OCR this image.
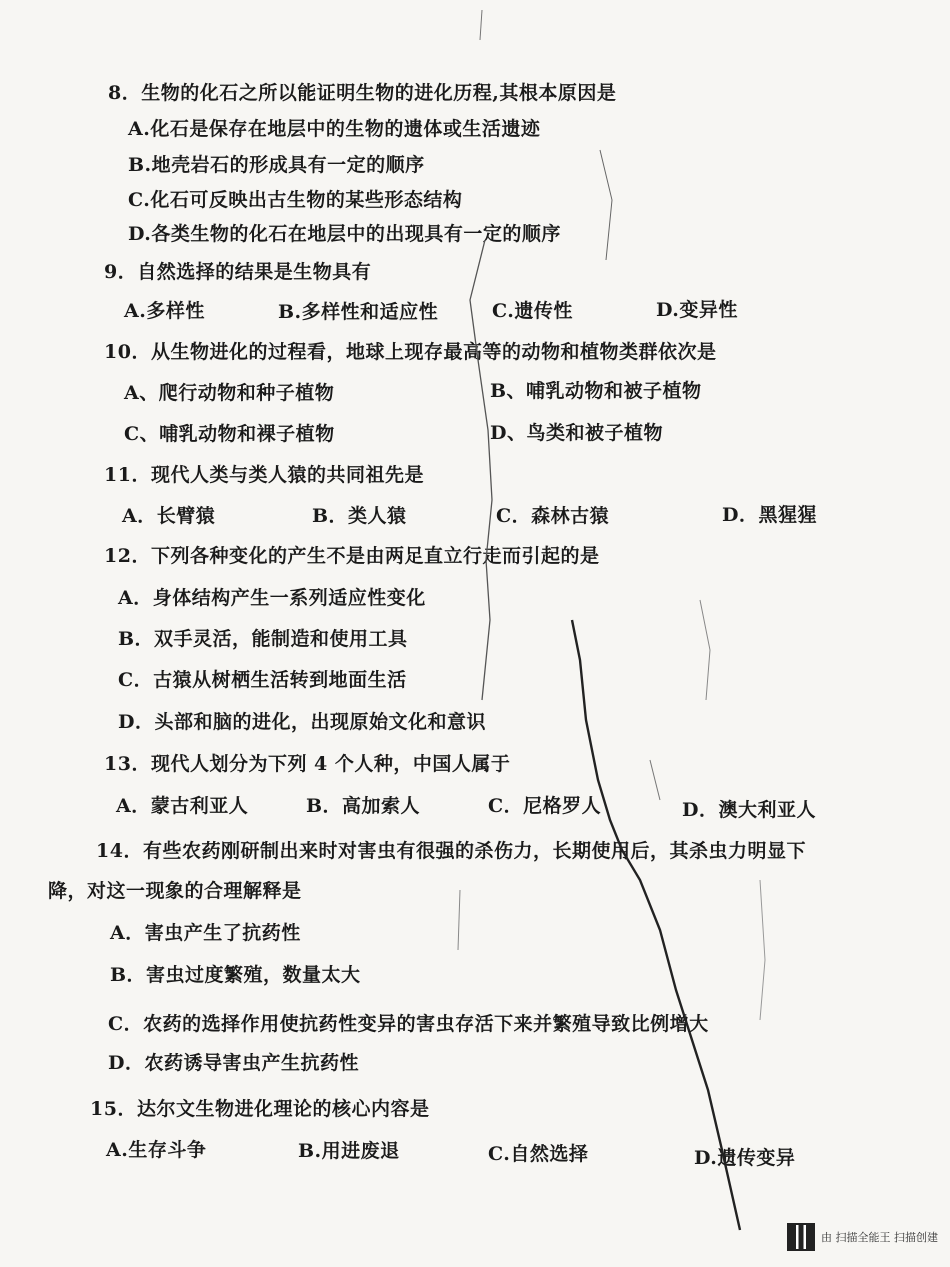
8．生物的化石之所以能证明生物的进化历程,其根本原因是
A.化石是保存在地层中的生物的遗体或生活遗迹
B.地壳岩石的形成具有一定的顺序
C.化石可反映出古生物的某些形态结构
D.各类生物的化石在地层中的出现具有一定的顺序
9．自然选择的结果是生物具有
A.多样性	B.多样性和适应性	C.遗传性	D.变异性
10．从生物进化的过程看，地球上现存最高等的动物和植物类群依次是
A、爬行动物和种子植物	B、哺乳动物和被子植物
C、哺乳动物和裸子植物	D、鸟类和被子植物
11．现代人类与类人猿的共同祖先是
A．长臂猿	B．类人猿	C．森林古猿	D．黑猩猩
12．下列各种变化的产生不是由两足直立行走而引起的是
A．身体结构产生一系列适应性变化
B．双手灵活，能制造和使用工具
C．古猿从树栖生活转到地面生活
D．头部和脑的进化，出现原始文化和意识
13．现代人划分为下列 4 个人种，中国人属于
A．蒙古利亚人	B．高加索人	C．尼格罗人	D．澳大利亚人
14．有些农药刚研制出来时对害虫有很强的杀伤力，长期使用后，其杀虫力明显下
降，对这一现象的合理解释是
A．害虫产生了抗药性
B．害虫过度繁殖，数量太大
C．农药的选择作用使抗药性变异的害虫存活下来并繁殖导致比例增大
D．农药诱导害虫产生抗药性
15．达尔文生物进化理论的核心内容是
A.生存斗争	B.用进废退	C.自然选择	D.遗传变异
由 扫描全能王 扫描创建
